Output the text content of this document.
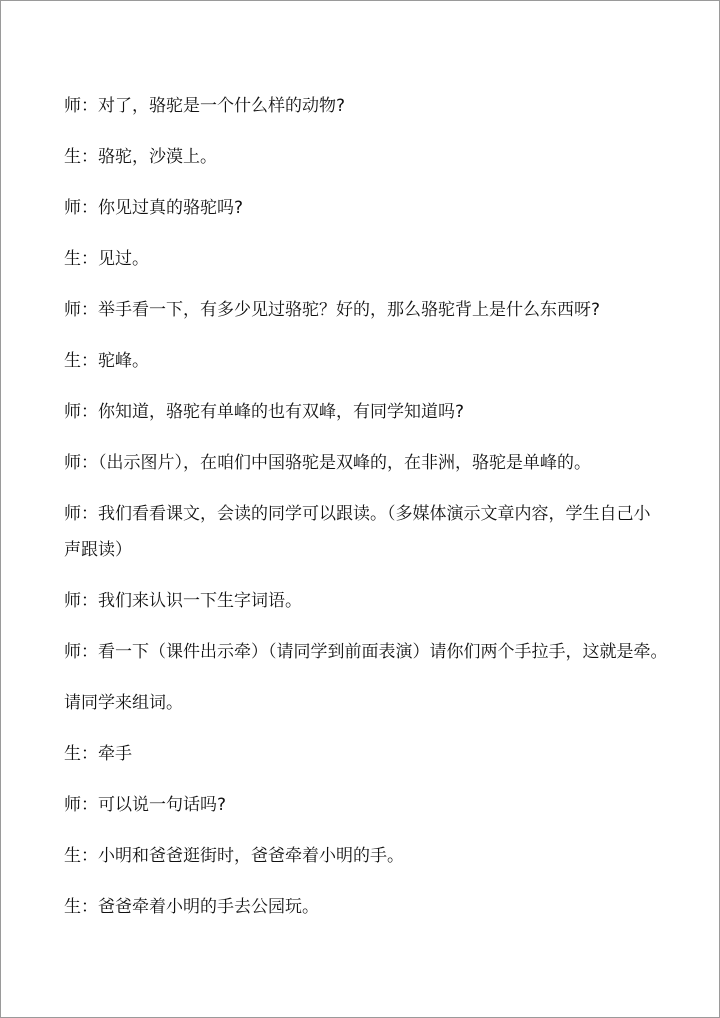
师：对了，骆驼是一个什么样的动物?
生：骆驼，沙漠上。
师：你见过真的骆驼吗?
生：见过。
师：举手看一下，有多少见过骆驼？好的，那么骆驼背上是什么东西呀?
生：驼峰。
师：你知道，骆驼有单峰的也有双峰，有同学知道吗?
师：（出示图片），在咱们中国骆驼是双峰的，在非洲，骆驼是单峰的。
师：我们看看课文，会读的同学可以跟读。（多媒体演示文章内容，学生自己小声跟读）
师：我们来认识一下生字词语。
师：看一下（课件出示牵）（请同学到前面表演）请你们两个手拉手，这就是牵。
请同学来组词。
生：牵手
师：可以说一句话吗?
生：小明和爸爸逛街时，爸爸牵着小明的手。
生：爸爸牵着小明的手去公园玩。
